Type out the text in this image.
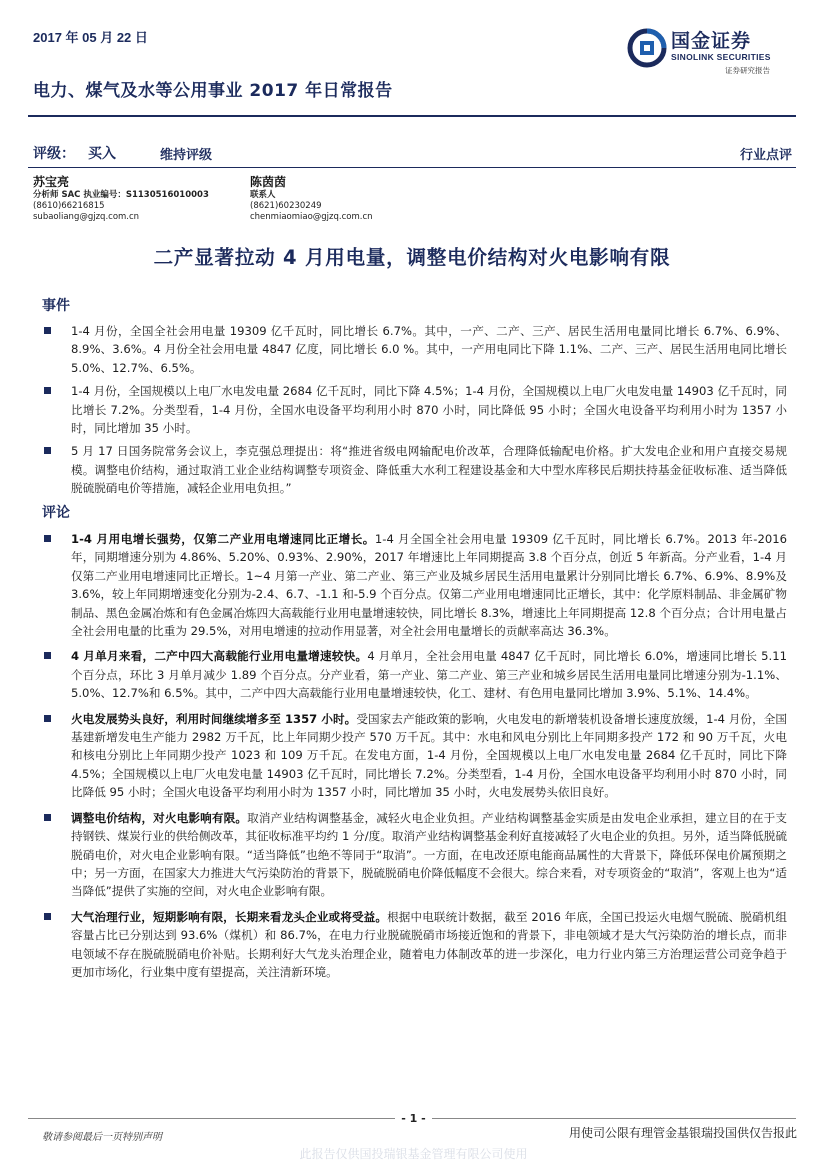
2017 年 05 月 22 日
电力、煤气及水等公用事业 2017 年日常报告
国金证券
SINOLINK SECURITIES
证券研究报告
评级： 买入	维持评级	行业点评
苏宝亮
分析师 SAC 执业编号：S1130516010003
(8610)66216815
subaoliang@gjzq.com.cn
陈茵茵
联系人
(8621)60230249
chenmiaomiao@gjzq.com.cn
二产显著拉动 4 月用电量，调整电价结构对火电影响有限
事件
1-4 月份，全国全社会用电量 19309 亿千瓦时，同比增长 6.7%。其中，一产、二产、三产、居民生活用电量同比增长 6.7%、6.9%、8.9%、3.6%。4 月份全社会用电量 4847 亿度，同比增长 6.0 %。其中，一产用电同比下降 1.1%、二产、三产、居民生活用电同比增长 5.0%、12.7%、6.5%。
1-4 月份，全国规模以上电厂水电发电量 2684 亿千瓦时，同比下降 4.5%；1-4 月份，全国规模以上电厂火电发电量 14903 亿千瓦时，同比增长 7.2%。分类型看，1-4 月份，全国水电设备平均利用小时 870 小时，同比降低 95 小时；全国火电设备平均利用小时为 1357 小时，同比增加 35 小时。
5 月 17 日国务院常务会议上，李克强总理提出：将“推进省级电网输配电价改革，合理降低输配电价格。扩大发电企业和用户直接交易规模。调整电价结构，通过取消工业企业结构调整专项资金、降低重大水利工程建设基金和大中型水库移民后期扶持基金征收标准、适当降低脱硫脱硝电价等措施，减轻企业用电负担。”
评论
1-4 月用电增长强势，仅第二产业用电增速同比正增长。1-4 月全国全社会用电量 19309 亿千瓦时，同比增长 6.7%。2013 年-2016 年，同期增速分别为 4.86%、5.20%、0.93%、2.90%，2017 年增速比上年同期提高 3.8 个百分点，创近 5 年新高。分产业看，1-4 月仅第二产业用电增速同比正增长。1~4 月第一产业、第二产业、第三产业及城乡居民生活用电量累计分别同比增长 6.7%、6.9%、8.9%及 3.6%，较上年同期增速变化分别为-2.4、6.7、-1.1 和-5.9 个百分点。仅第二产业用电增速同比正增长，其中：化学原料制品、非金属矿物制品、黑色金属冶炼和有色金属冶炼四大高载能行业用电量增速较快，同比增长 8.3%，增速比上年同期提高 12.8 个百分点；合计用电量占全社会用电量的比重为 29.5%，对用电增速的拉动作用显著，对全社会用电量增长的贡献率高达 36.3%。
4 月单月来看，二产中四大高载能行业用电量增速较快。4 月单月，全社会用电量 4847 亿千瓦时，同比增长 6.0%，增速同比增长 5.11 个百分点，环比 3 月单月减少 1.89 个百分点。分产业看，第一产业、第二产业、第三产业和城乡居民生活用电量同比增速分别为-1.1%、5.0%、12.7%和 6.5%。其中，二产中四大高载能行业用电量增速较快，化工、建材、有色用电量同比增加 3.9%、5.1%、14.4%。
火电发展势头良好，利用时间继续增多至 1357 小时。受国家去产能政策的影响，火电发电的新增装机设备增长速度放缓，1-4 月份，全国基建新增发电生产能力 2982 万千瓦，比上年同期少投产 570 万千瓦。其中：水电和风电分别比上年同期多投产 172 和 90 万千瓦，火电和核电分别比上年同期少投产 1023 和 109 万千瓦。在发电方面，1-4 月份，全国规模以上电厂水电发电量 2684 亿千瓦时，同比下降 4.5%；全国规模以上电厂火电发电量 14903 亿千瓦时，同比增长 7.2%。分类型看，1-4 月份，全国水电设备平均利用小时 870 小时，同比降低 95 小时；全国火电设备平均利用小时为 1357 小时，同比增加 35 小时，火电发展势头依旧良好。
调整电价结构，对火电影响有限。取消产业结构调整基金，减轻火电企业负担。产业结构调整基金实质是由发电企业承担，建立目的在于支持钢铁、煤炭行业的供给侧改革，其征收标准平均约 1 分/度。取消产业结构调整基金利好直接减轻了火电企业的负担。另外，适当降低脱硫脱硝电价，对火电企业影响有限。“适当降低”也绝不等同于“取消”。一方面，在电改还原电能商品属性的大背景下，降低环保电价属预期之中；另一方面，在国家大力推进大气污染防治的背景下，脱硫脱硝电价降低幅度不会很大。综合来看，对专项资金的“取消”，客观上也为“适当降低”提供了实施的空间，对火电企业影响有限。
大气治理行业，短期影响有限，长期来看龙头企业或将受益。根据中电联统计数据，截至 2016 年底，全国已投运火电烟气脱硫、脱硝机组容量占比已分别达到 93.6%（煤机）和 86.7%，在电力行业脱硫脱硝市场接近饱和的背景下，非电领域才是大气污染防治的增长点，而非电领域不存在脱硫脱硝电价补贴。长期利好大气龙头治理企业，随着电力体制改革的进一步深化，电力行业内第三方治理运营公司竞争趋于更加市场化，行业集中度有望提高，关注清新环境。
- 1 -
敬请参阅最后一页特别声明	用使司公限有理管金基银瑞投国供仅告报此
此报告仅供国投瑞银基金管理有限公司使用
